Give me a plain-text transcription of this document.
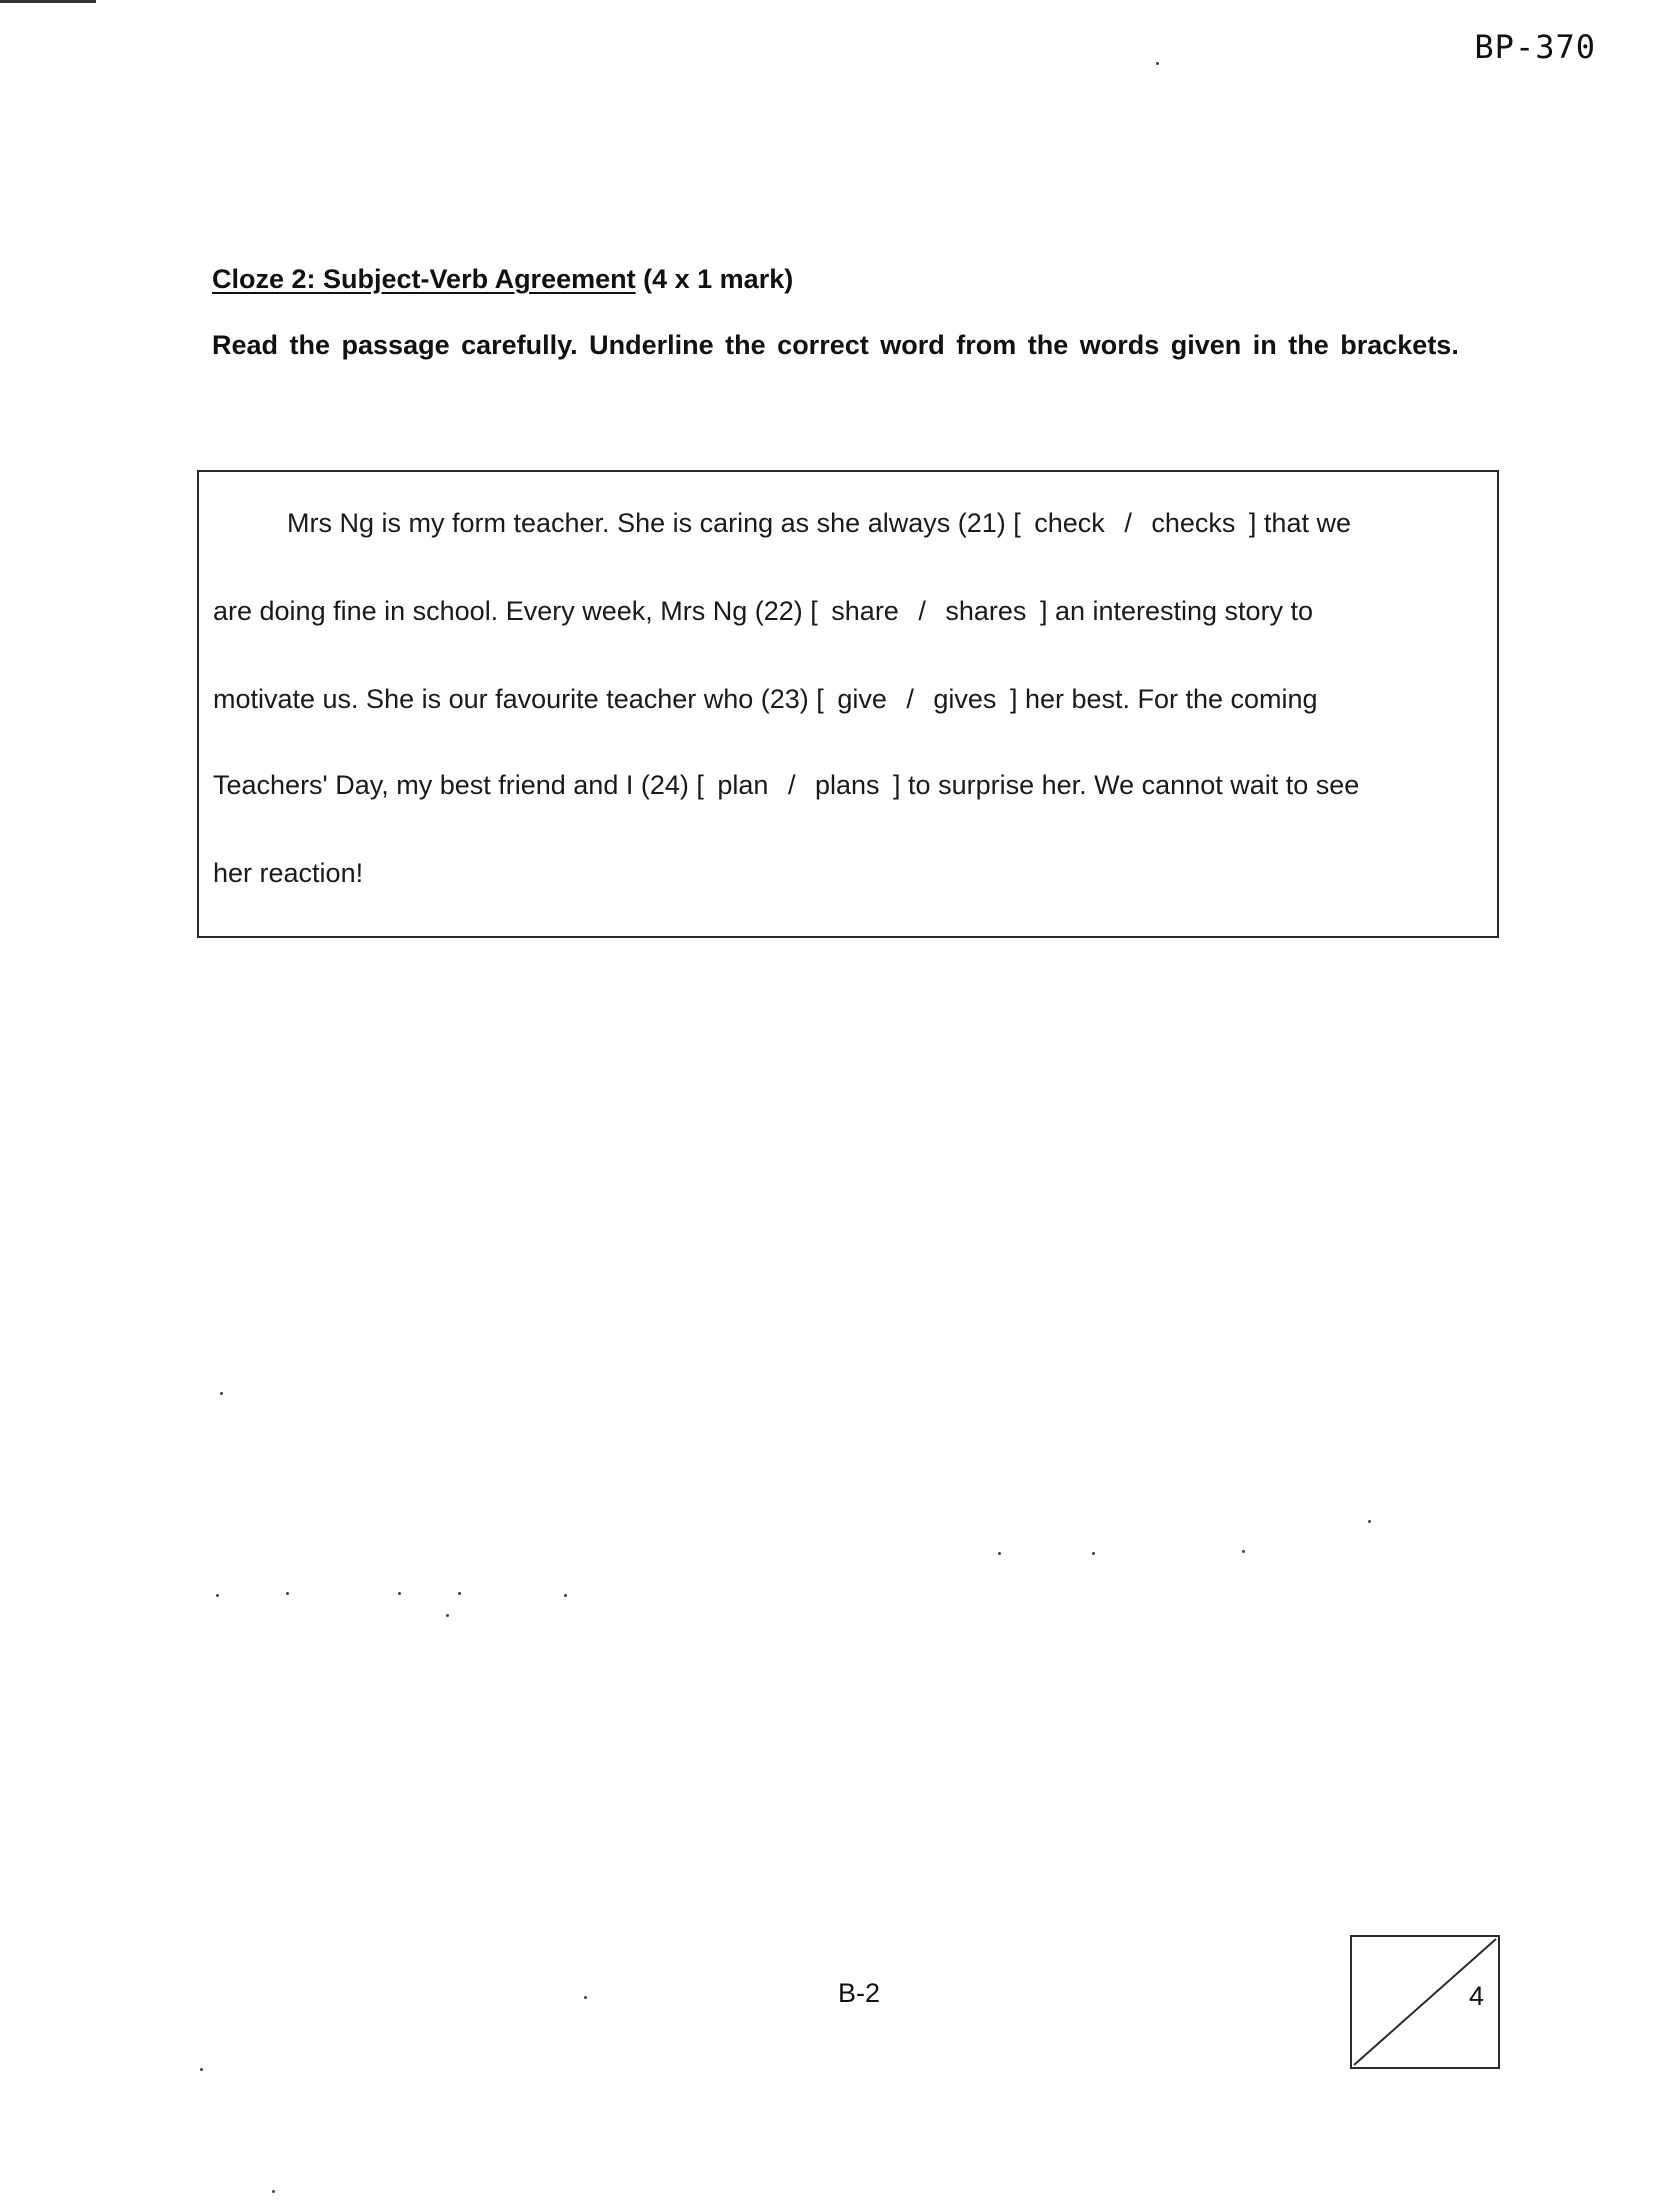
BP-370
Cloze 2: Subject-Verb Agreement (4 x 1 mark)
Read the passage carefully. Underline the correct word from the words given in the brackets.
Mrs Ng is my form teacher. She is caring as she always (21) [ check / checks ] that we
are doing fine in school. Every week, Mrs Ng (22) [ share / shares ] an interesting story to
motivate us. She is our favourite teacher who (23) [ give / gives ] her best. For the coming
Teachers' Day, my best friend and I (24) [ plan / plans ] to surprise her. We cannot wait to see
her reaction!
B-2	4
